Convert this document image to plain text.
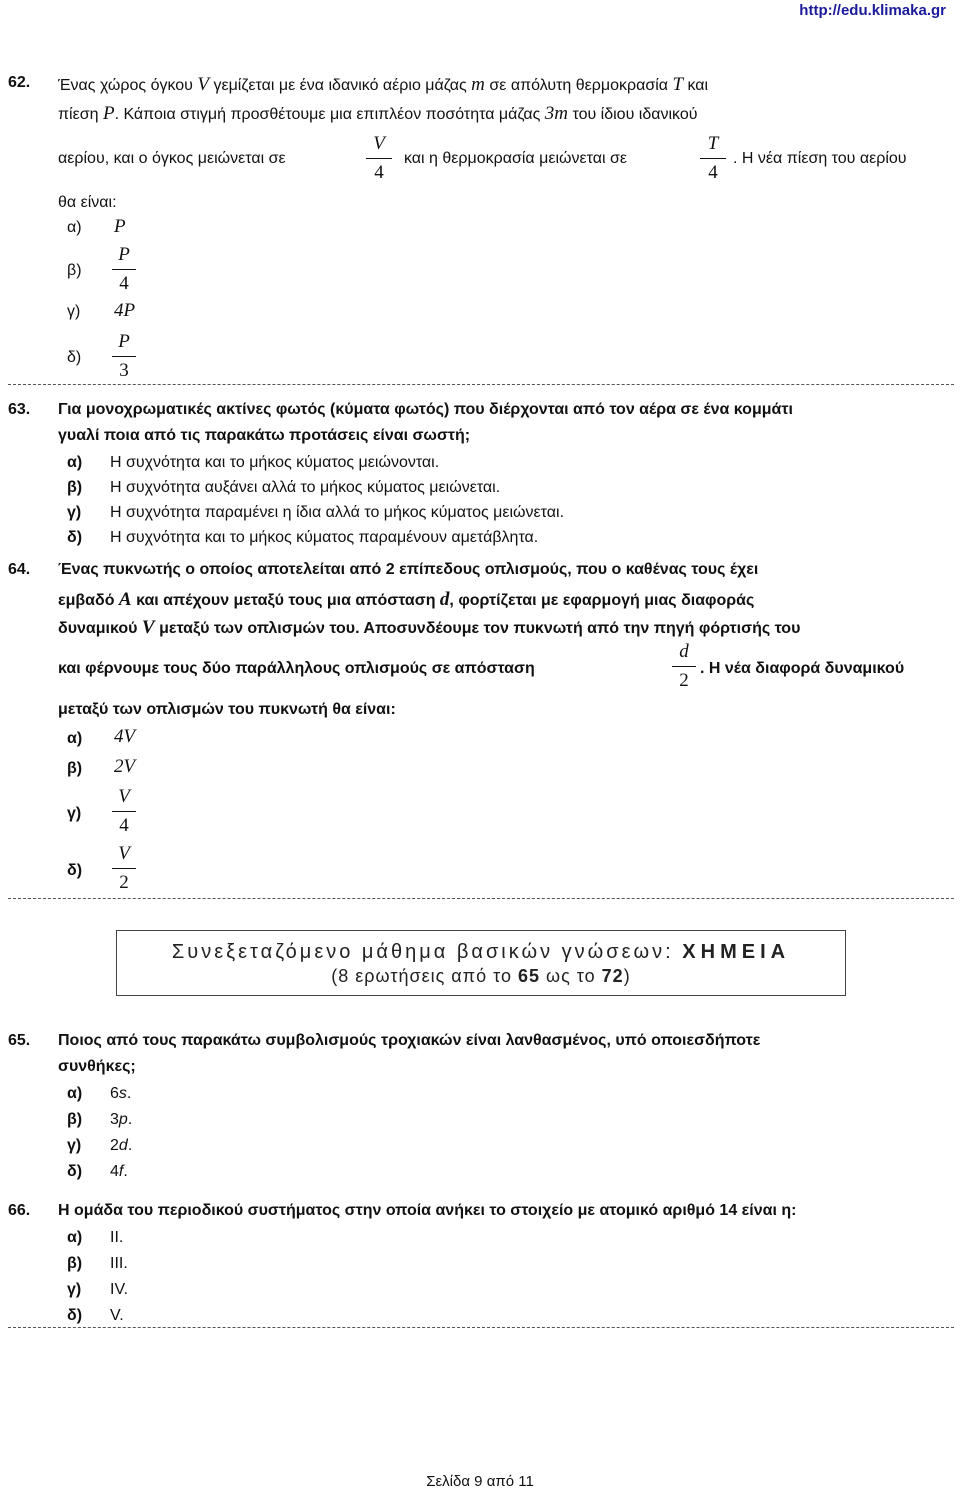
http://edu.klimaka.gr
62. Ένας χώρος όγκου V γεμίζεται με ένα ιδανικό αέριο μάζας m σε απόλυτη θερμοκρασία T και
πίεση P. Κάποια στιγμή προσθέτουμε μια επιπλέον ποσότητα μάζας 3m του ίδιου ιδανικού
αερίου, και ο όγκος μειώνεται σε
V
4
και η θερμοκρασία μειώνεται σε
T
4
. Η νέα πίεση του αερίου
θα είναι:
α) P
β)
P
4
γ) 4P
δ)
P
3
63. Για μονοχρωματικές ακτίνες φωτός (κύματα φωτός) που διέρχονται από τον αέρα σε ένα κομμάτι
γυαλί ποια από τις παρακάτω προτάσεις είναι σωστή;
α) Η συχνότητα και το μήκος κύματος μειώνονται.
β) Η συχνότητα αυξάνει αλλά το μήκος κύματος μειώνεται.
γ) Η συχνότητα παραμένει η ίδια αλλά το μήκος κύματος μειώνεται.
δ) Η συχνότητα και το μήκος κύματος παραμένουν αμετάβλητα.
64. Ένας πυκνωτής ο οποίος αποτελείται από 2 επίπεδους οπλισμούς, που ο καθένας τους έχει
εμβαδό A και απέχουν μεταξύ τους μια απόσταση d, φορτίζεται με εφαρμογή μιας διαφοράς
δυναμικού V μεταξύ των οπλισμών του. Αποσυνδέουμε τον πυκνωτή από την πηγή φόρτισής του
και φέρνουμε τους δύο παράλληλους οπλισμούς σε απόσταση
d
2
. Η νέα διαφορά δυναμικού
μεταξύ των οπλισμών του πυκνωτή θα είναι:
α) 4V
β) 2V
γ)
V
4
δ)
V
2
Συνεξεταζόμενο μάθημα βασικών γνώσεων: ΧΗΜΕΙΑ
(8 ερωτήσεις από το 65 ως το 72)
65. Ποιος από τους παρακάτω συμβολισμούς τροχιακών είναι λανθασμένος, υπό οποιεσδήποτε
συνθήκες;
α) 6s.
β) 3p.
γ) 2d.
δ) 4f.
66. Η ομάδα του περιοδικού συστήματος στην οποία ανήκει το στοιχείο με ατομικό αριθμό 14 είναι η:
α) II.
β) III.
γ) IV.
δ) V.
Σελίδα 9 από 11
